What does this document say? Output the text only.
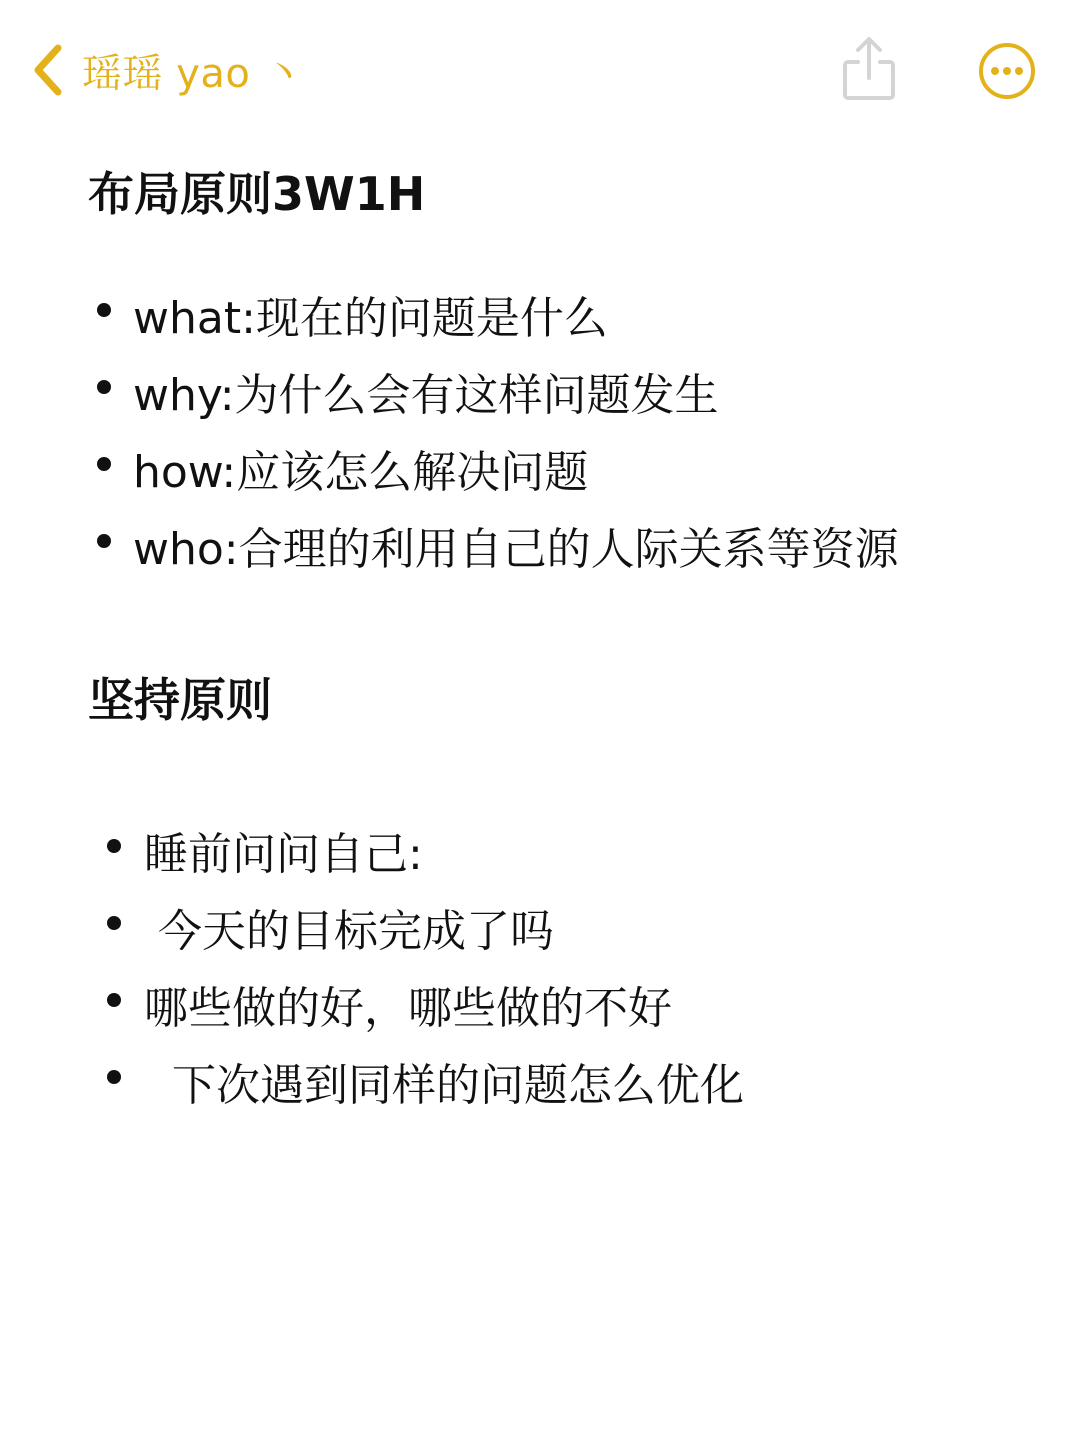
瑶瑶 yao 丶
布局原则3W1H
what:现在的问题是什么
why:为什么会有这样问题发生
how:应该怎么解决问题
who:合理的利用自己的人际关系等资源
坚持原则
睡前问问自己:
今天的目标完成了吗
哪些做的好，哪些做的不好
下次遇到同样的问题怎么优化
